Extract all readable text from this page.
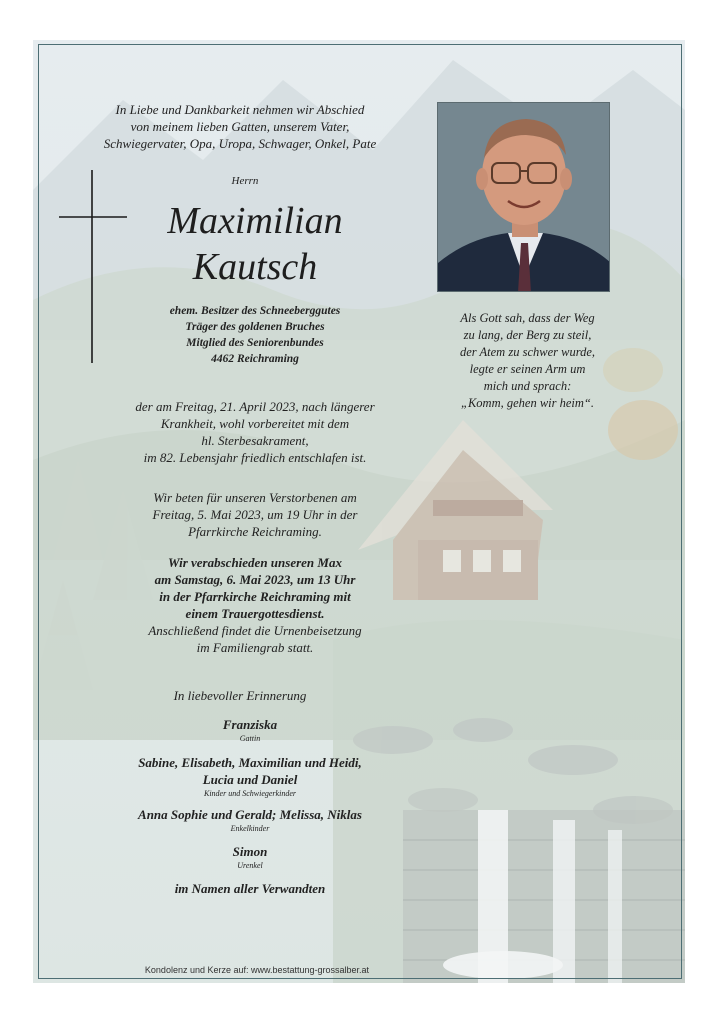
In Liebe und Dankbarkeit nehmen wir Abschied
von meinem lieben Gatten, unserem Vater,
Schwiegervater, Opa, Uropa, Schwager, Onkel, Pate
Herrn
Maximilian
Kautsch
ehem. Besitzer des Schneeberggutes
Träger des goldenen Bruches
Mitglied des Seniorenbundes
4462 Reichraming
der am Freitag, 21. April 2023, nach längerer
Krankheit, wohl vorbereitet mit dem
hl. Sterbesakrament,
im 82. Lebensjahr friedlich entschlafen ist.
Wir beten für unseren Verstorbenen am
Freitag, 5. Mai 2023, um 19 Uhr in der
Pfarrkirche Reichraming.
Wir verabschieden unseren Max
am Samstag, 6. Mai 2023, um 13 Uhr
in der Pfarrkirche Reichraming mit
einem Trauergottesdienst.
Anschließend findet die Urnenbeisetzung
im Familiengrab statt.
In liebevoller Erinnerung
Franziska
Gattin
Sabine, Elisabeth, Maximilian und Heidi,
Lucia und Daniel
Kinder und Schwiegerkinder
Anna Sophie und Gerald; Melissa, Niklas
Enkelkinder
Simon
Urenkel
im Namen aller Verwandten
Als Gott sah, dass der Weg
zu lang, der Berg zu steil,
der Atem zu schwer wurde,
legte er seinen Arm um
mich und sprach:
„Komm, gehen wir heim“.
Kondolenz und Kerze auf: www.bestattung-grossalber.at
